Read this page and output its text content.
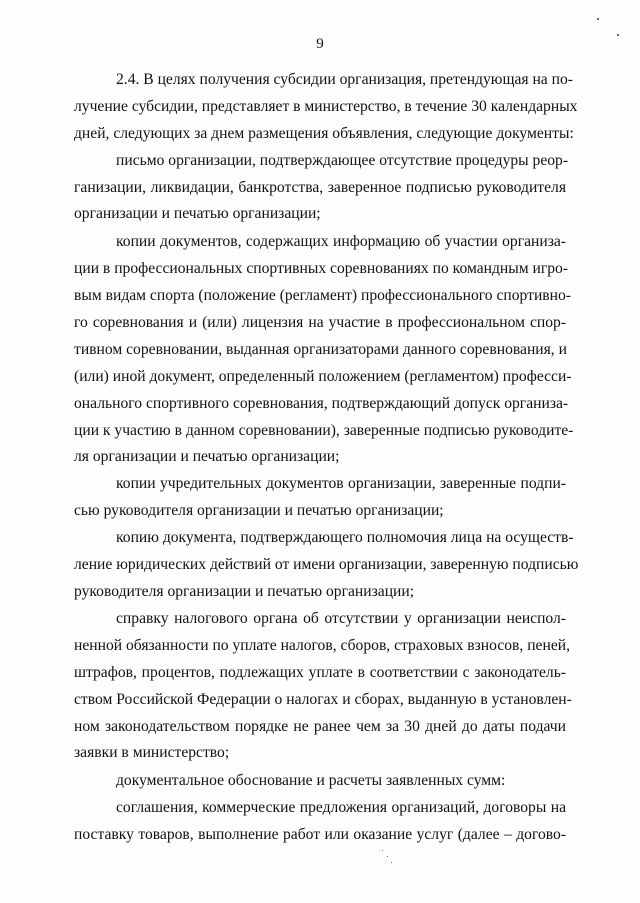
9
2.4. В целях получения субсидии организация, претендующая на по-
лучение субсидии, представляет в министерство, в течение 30 календарных
дней, следующих за днем размещения объявления, следующие документы:
письмо организации, подтверждающее отсутствие процедуры реор-
ганизации, ликвидации, банкротства, заверенное подписью руководителя
организации и печатью организации;
копии документов, содержащих информацию об участии организа-
ции в профессиональных спортивных соревнованиях по командным игро-
вым видам спорта (положение (регламент) профессионального спортивно-
го соревнования и (или) лицензия на участие в профессиональном спор-
тивном соревновании, выданная организаторами данного соревнования, и
(или) иной документ, определенный положением (регламентом) професси-
онального спортивного соревнования, подтверждающий допуск организа-
ции к участию в данном соревновании), заверенные подписью руководите-
ля организации и печатью организации;
копии учредительных документов организации, заверенные подпи-
сью руководителя организации и печатью организации;
копию документа, подтверждающего полномочия лица на осуществ-
ление юридических действий от имени организации, заверенную подписью
руководителя организации и печатью организации;
справку налогового органа об отсутствии у организации неиспол-
ненной обязанности по уплате налогов, сборов, страховых взносов, пеней,
штрафов, процентов, подлежащих уплате в соответствии с законодатель-
ством Российской Федерации о налогах и сборах, выданную в установлен-
ном законодательством порядке не ранее чем за 30 дней до даты подачи
заявки в министерство;
документальное обоснование и расчеты заявленных сумм:
соглашения, коммерческие предложения организаций, договоры на
поставку товаров, выполнение работ или оказание услуг (далее – догово-
